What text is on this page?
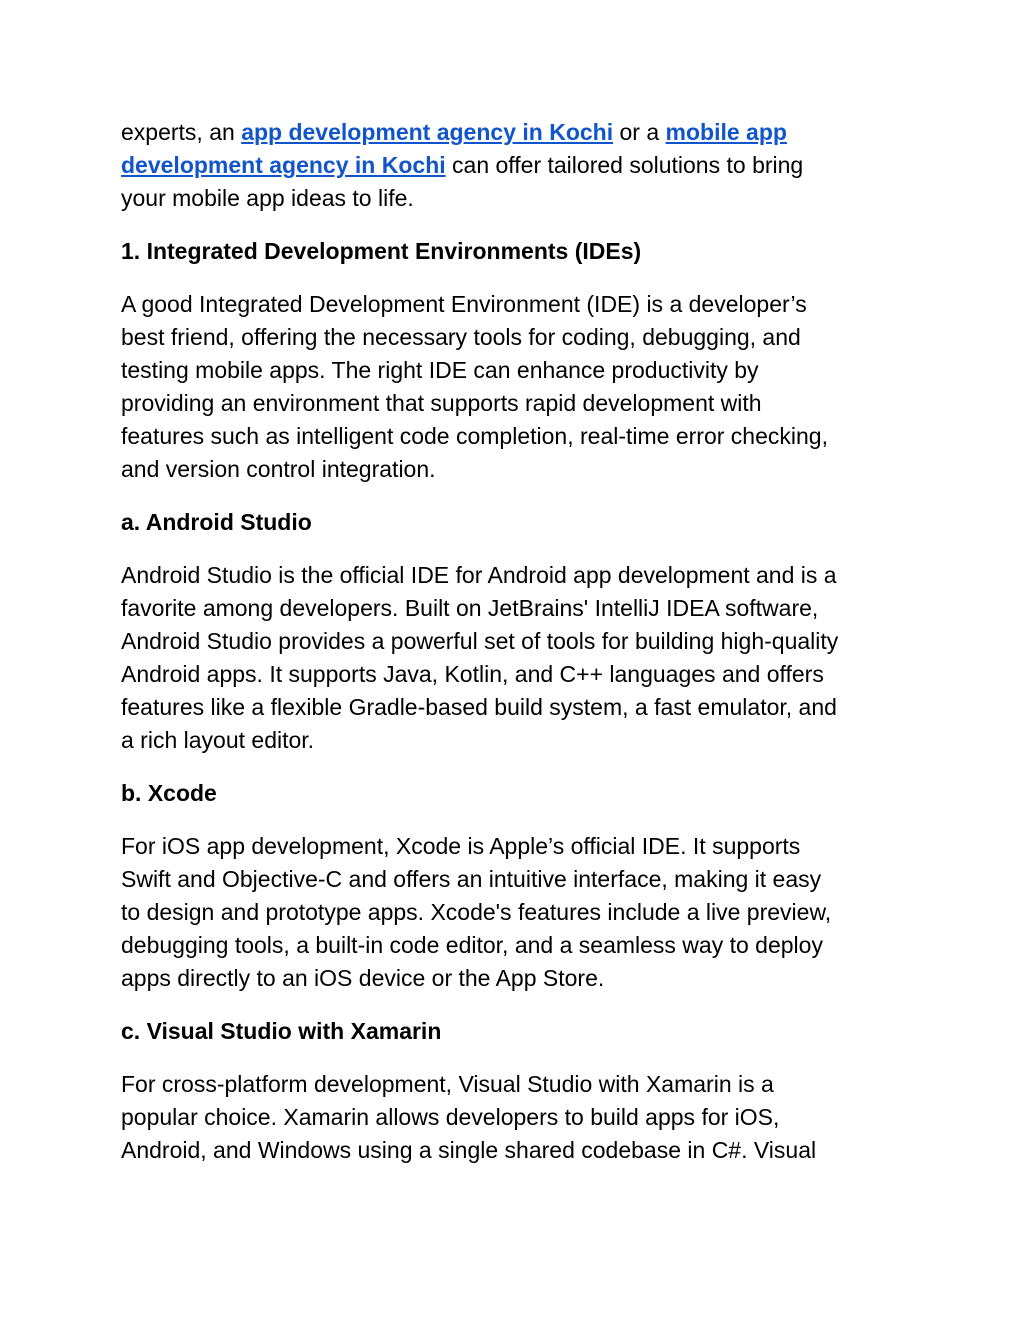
experts, an app development agency in Kochi or a mobile app
development agency in Kochi can offer tailored solutions to bring
your mobile app ideas to life.

1. Integrated Development Environments (IDEs)

A good Integrated Development Environment (IDE) is a developer’s
best friend, offering the necessary tools for coding, debugging, and
testing mobile apps. The right IDE can enhance productivity by
providing an environment that supports rapid development with
features such as intelligent code completion, real-time error checking,
and version control integration.

a. Android Studio

Android Studio is the official IDE for Android app development and is a
favorite among developers. Built on JetBrains' IntelliJ IDEA software,
Android Studio provides a powerful set of tools for building high-quality
Android apps. It supports Java, Kotlin, and C++ languages and offers
features like a flexible Gradle-based build system, a fast emulator, and
a rich layout editor.

b. Xcode

For iOS app development, Xcode is Apple’s official IDE. It supports
Swift and Objective-C and offers an intuitive interface, making it easy
to design and prototype apps. Xcode's features include a live preview,
debugging tools, a built-in code editor, and a seamless way to deploy
apps directly to an iOS device or the App Store.

c. Visual Studio with Xamarin

For cross-platform development, Visual Studio with Xamarin is a
popular choice. Xamarin allows developers to build apps for iOS,
Android, and Windows using a single shared codebase in C#. Visual
